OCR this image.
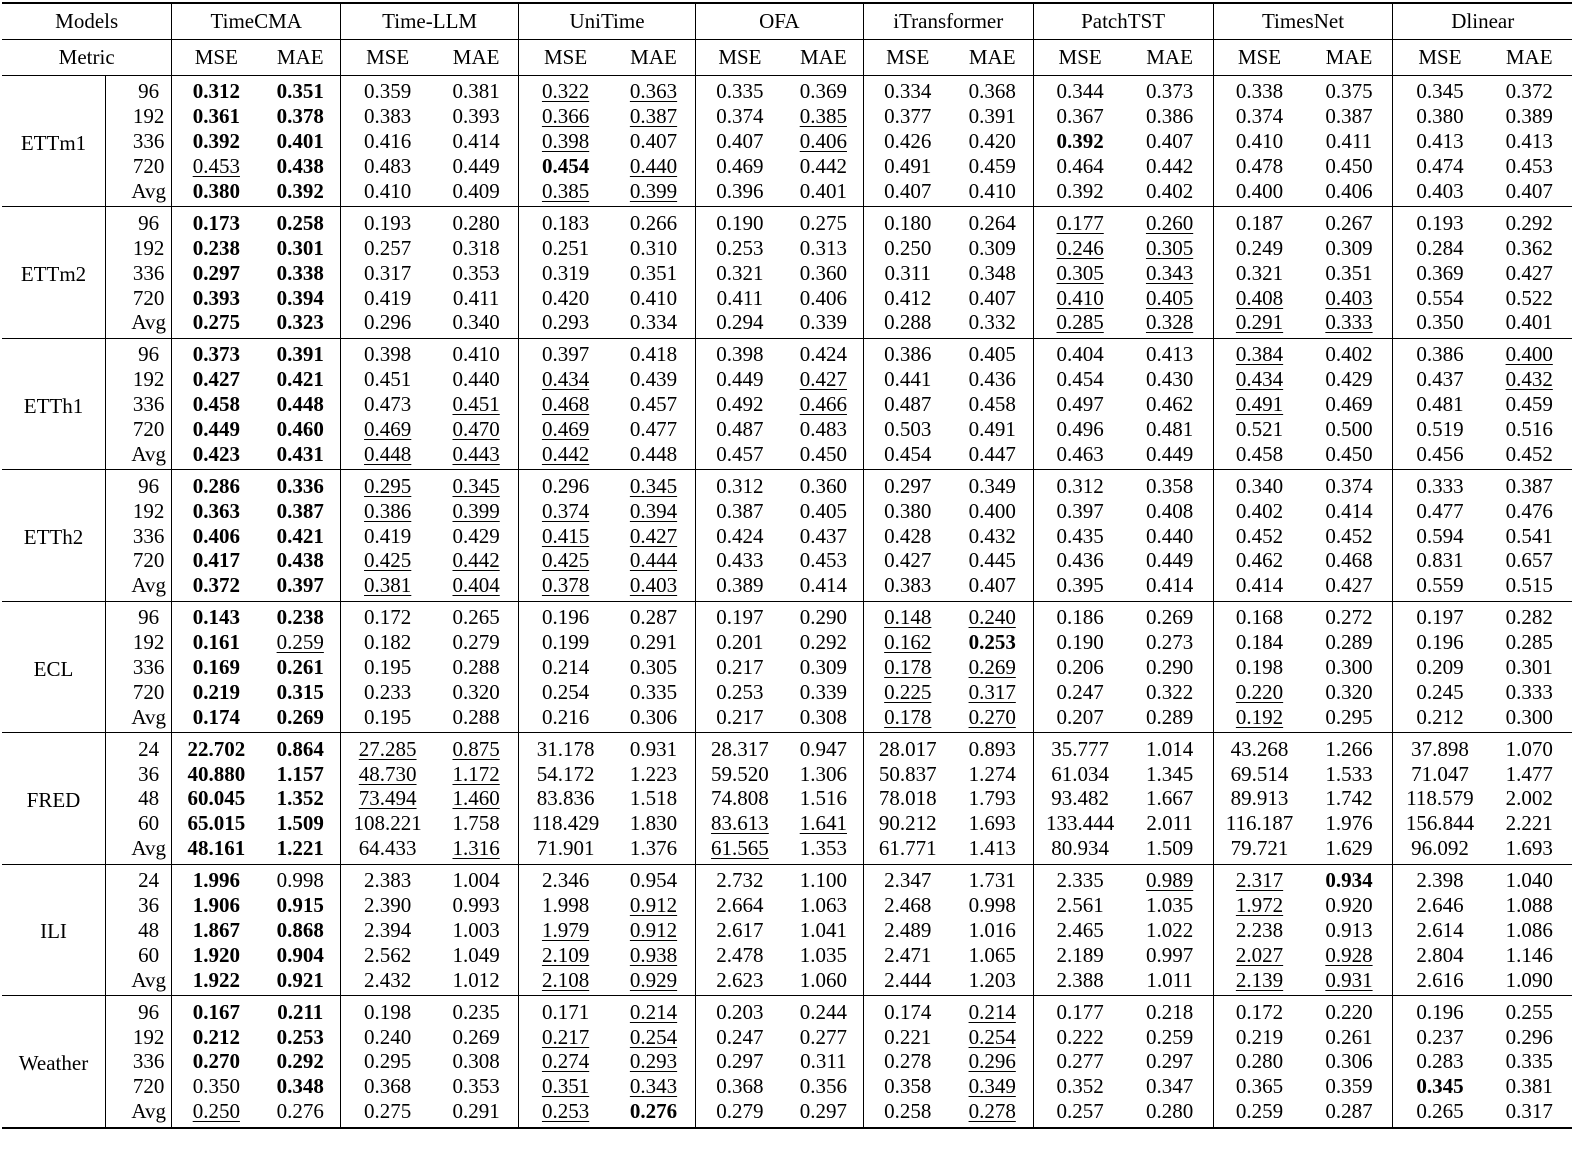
Models		TimeCMA		Time-LLM		UniTime		OFA		iTransformer		PatchTST		TimesNet		Dlinear	
Metric		MSE	MAE	MSE	MAE	MSE	MAE	MSE	MAE	MSE	MAE	MSE	MAE	MSE	MAE	MSE	MAE
ETTm1	96	0.312	0.351	0.359	0.381	0.322	0.363	0.335	0.369	0.334	0.368	0.344	0.373	0.338	0.375	0.345	0.372
	192	0.361	0.378	0.383	0.393	0.366	0.387	0.374	0.385	0.377	0.391	0.367	0.386	0.374	0.387	0.380	0.389
	336	0.392	0.401	0.416	0.414	0.398	0.407	0.407	0.406	0.426	0.420	0.392	0.407	0.410	0.411	0.413	0.413
	720	0.453	0.438	0.483	0.449	0.454	0.440	0.469	0.442	0.491	0.459	0.464	0.442	0.478	0.450	0.474	0.453
	Avg	0.380	0.392	0.410	0.409	0.385	0.399	0.396	0.401	0.407	0.410	0.392	0.402	0.400	0.406	0.403	0.407
ETTm2	96	0.173	0.258	0.193	0.280	0.183	0.266	0.190	0.275	0.180	0.264	0.177	0.260	0.187	0.267	0.193	0.292
	192	0.238	0.301	0.257	0.318	0.251	0.310	0.253	0.313	0.250	0.309	0.246	0.305	0.249	0.309	0.284	0.362
	336	0.297	0.338	0.317	0.353	0.319	0.351	0.321	0.360	0.311	0.348	0.305	0.343	0.321	0.351	0.369	0.427
	720	0.393	0.394	0.419	0.411	0.420	0.410	0.411	0.406	0.412	0.407	0.410	0.405	0.408	0.403	0.554	0.522
	Avg	0.275	0.323	0.296	0.340	0.293	0.334	0.294	0.339	0.288	0.332	0.285	0.328	0.291	0.333	0.350	0.401
ETTh1	96	0.373	0.391	0.398	0.410	0.397	0.418	0.398	0.424	0.386	0.405	0.404	0.413	0.384	0.402	0.386	0.400
	192	0.427	0.421	0.451	0.440	0.434	0.439	0.449	0.427	0.441	0.436	0.454	0.430	0.434	0.429	0.437	0.432
	336	0.458	0.448	0.473	0.451	0.468	0.457	0.492	0.466	0.487	0.458	0.497	0.462	0.491	0.469	0.481	0.459
	720	0.449	0.460	0.469	0.470	0.469	0.477	0.487	0.483	0.503	0.491	0.496	0.481	0.521	0.500	0.519	0.516
	Avg	0.423	0.431	0.448	0.443	0.442	0.448	0.457	0.450	0.454	0.447	0.463	0.449	0.458	0.450	0.456	0.452
ETTh2	96	0.286	0.336	0.295	0.345	0.296	0.345	0.312	0.360	0.297	0.349	0.312	0.358	0.340	0.374	0.333	0.387
	192	0.363	0.387	0.386	0.399	0.374	0.394	0.387	0.405	0.380	0.400	0.397	0.408	0.402	0.414	0.477	0.476
	336	0.406	0.421	0.419	0.429	0.415	0.427	0.424	0.437	0.428	0.432	0.435	0.440	0.452	0.452	0.594	0.541
	720	0.417	0.438	0.425	0.442	0.425	0.444	0.433	0.453	0.427	0.445	0.436	0.449	0.462	0.468	0.831	0.657
	Avg	0.372	0.397	0.381	0.404	0.378	0.403	0.389	0.414	0.383	0.407	0.395	0.414	0.414	0.427	0.559	0.515
ECL	96	0.143	0.238	0.172	0.265	0.196	0.287	0.197	0.290	0.148	0.240	0.186	0.269	0.168	0.272	0.197	0.282
	192	0.161	0.259	0.182	0.279	0.199	0.291	0.201	0.292	0.162	0.253	0.190	0.273	0.184	0.289	0.196	0.285
	336	0.169	0.261	0.195	0.288	0.214	0.305	0.217	0.309	0.178	0.269	0.206	0.290	0.198	0.300	0.209	0.301
	720	0.219	0.315	0.233	0.320	0.254	0.335	0.253	0.339	0.225	0.317	0.247	0.322	0.220	0.320	0.245	0.333
	Avg	0.174	0.269	0.195	0.288	0.216	0.306	0.217	0.308	0.178	0.270	0.207	0.289	0.192	0.295	0.212	0.300
FRED	24	22.702	0.864	27.285	0.875	31.178	0.931	28.317	0.947	28.017	0.893	35.777	1.014	43.268	1.266	37.898	1.070
	36	40.880	1.157	48.730	1.172	54.172	1.223	59.520	1.306	50.837	1.274	61.034	1.345	69.514	1.533	71.047	1.477
	48	60.045	1.352	73.494	1.460	83.836	1.518	74.808	1.516	78.018	1.793	93.482	1.667	89.913	1.742	118.579	2.002
	60	65.015	1.509	108.221	1.758	118.429	1.830	83.613	1.641	90.212	1.693	133.444	2.011	116.187	1.976	156.844	2.221
	Avg	48.161	1.221	64.433	1.316	71.901	1.376	61.565	1.353	61.771	1.413	80.934	1.509	79.721	1.629	96.092	1.693
ILI	24	1.996	0.998	2.383	1.004	2.346	0.954	2.732	1.100	2.347	1.731	2.335	0.989	2.317	0.934	2.398	1.040
	36	1.906	0.915	2.390	0.993	1.998	0.912	2.664	1.063	2.468	0.998	2.561	1.035	1.972	0.920	2.646	1.088
	48	1.867	0.868	2.394	1.003	1.979	0.912	2.617	1.041	2.489	1.016	2.465	1.022	2.238	0.913	2.614	1.086
	60	1.920	0.904	2.562	1.049	2.109	0.938	2.478	1.035	2.471	1.065	2.189	0.997	2.027	0.928	2.804	1.146
	Avg	1.922	0.921	2.432	1.012	2.108	0.929	2.623	1.060	2.444	1.203	2.388	1.011	2.139	0.931	2.616	1.090
Weather	96	0.167	0.211	0.198	0.235	0.171	0.214	0.203	0.244	0.174	0.214	0.177	0.218	0.172	0.220	0.196	0.255
	192	0.212	0.253	0.240	0.269	0.217	0.254	0.247	0.277	0.221	0.254	0.222	0.259	0.219	0.261	0.237	0.296
	336	0.270	0.292	0.295	0.308	0.274	0.293	0.297	0.311	0.278	0.296	0.277	0.297	0.280	0.306	0.283	0.335
	720	0.350	0.348	0.368	0.353	0.351	0.343	0.368	0.356	0.358	0.349	0.352	0.347	0.365	0.359	0.345	0.381
	Avg	0.250	0.276	0.275	0.291	0.253	0.276	0.279	0.297	0.258	0.278	0.257	0.280	0.259	0.287	0.265	0.317
